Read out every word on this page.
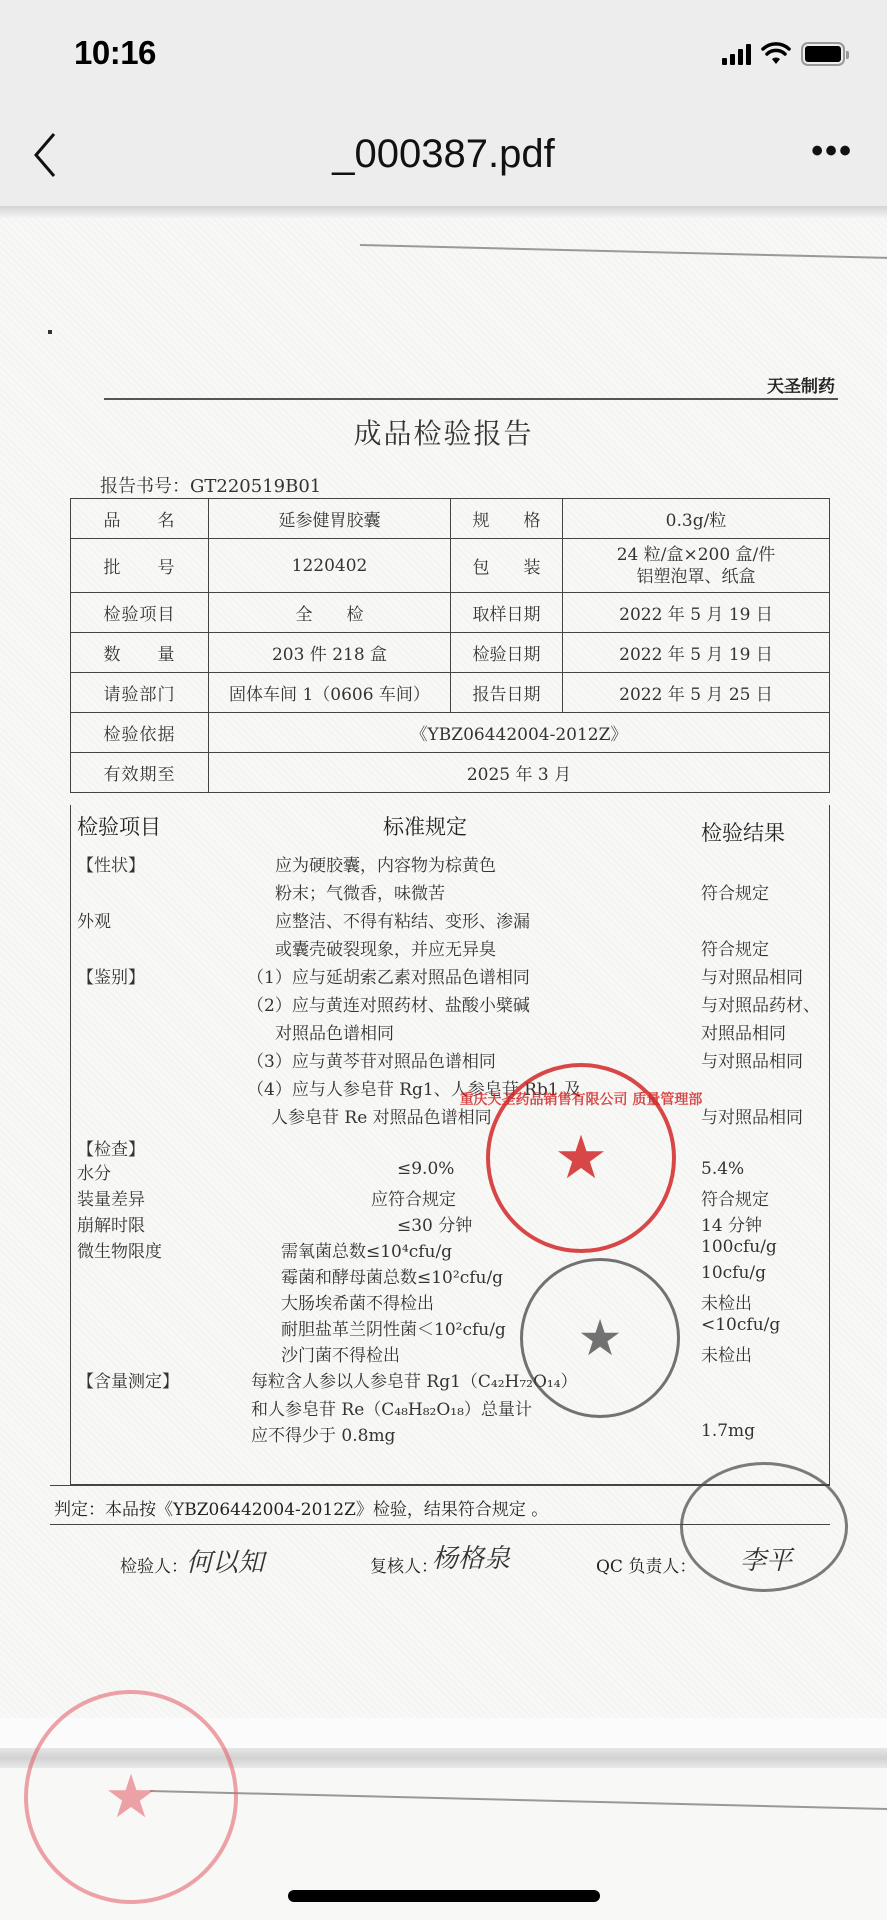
10:16
_000387.pdf	•••
天圣制药
成品检验报告
报告书号：GT220519B01
品　　名	延参健胃胶囊	规　　格	0.3g/粒
批　　号	1220402	包　　装	24 粒/盒×200 盒/件
铝塑泡罩、纸盒

检验项目	全　　检	取样日期	2022 年 5 月 19 日
数　　量	203 件 218 盒	检验日期	2022 年 5 月 19 日
请验部门	固体车间 1（0606 车间）	报告日期	2022 年 5 月 25 日
检验依据	《YBZ06442004-2012Z》		
有效期至	2025 年 3 月		
检验项目	标准规定	检验结果
【性状】	应为硬胶囊，内容物为棕黄色
粉末；气微香，味微苦	符合规定
外观	应整洁、不得有粘结、变形、渗漏
或囊壳破裂现象，并应无异臭	符合规定
【鉴别】	（1）应与延胡索乙素对照品色谱相同	与对照品相同
（2）应与黄连对照药材、盐酸小檗碱	与对照品药材、
对照品色谱相同	对照品相同
（3）应与黄芩苷对照品色谱相同	与对照品相同
（4）应与人参皂苷 Rg1、人参皂苷 Rb1 及
人参皂苷 Re 对照品色谱相同	与对照品相同
【检查】
水分	≤9.0%	5.4%
装量差异	应符合规定	符合规定
崩解时限	≤30 分钟	14 分钟
微生物限度	需氧菌总数≤10⁴cfu/g	100cfu/g
霉菌和酵母菌总数≤10²cfu/g	10cfu/g
大肠埃希菌不得检出	未检出
耐胆盐革兰阴性菌＜10²cfu/g	<10cfu/g
沙门菌不得检出	未检出
【含量测定】	每粒含人参以人参皂苷 Rg1（C₄₂H₇₂O₁₄）
和人参皂苷 Re（C₄₈H₈₂O₁₈）总量计
应不得少于 0.8mg	1.7mg
判定：本品按《YBZ06442004-2012Z》检验，结果符合规定 。
检验人：
何以知	复核人：
杨格泉	QC 负责人： 李平
★
重庆天圣药品销售有限公司 质量管理部
★
★
